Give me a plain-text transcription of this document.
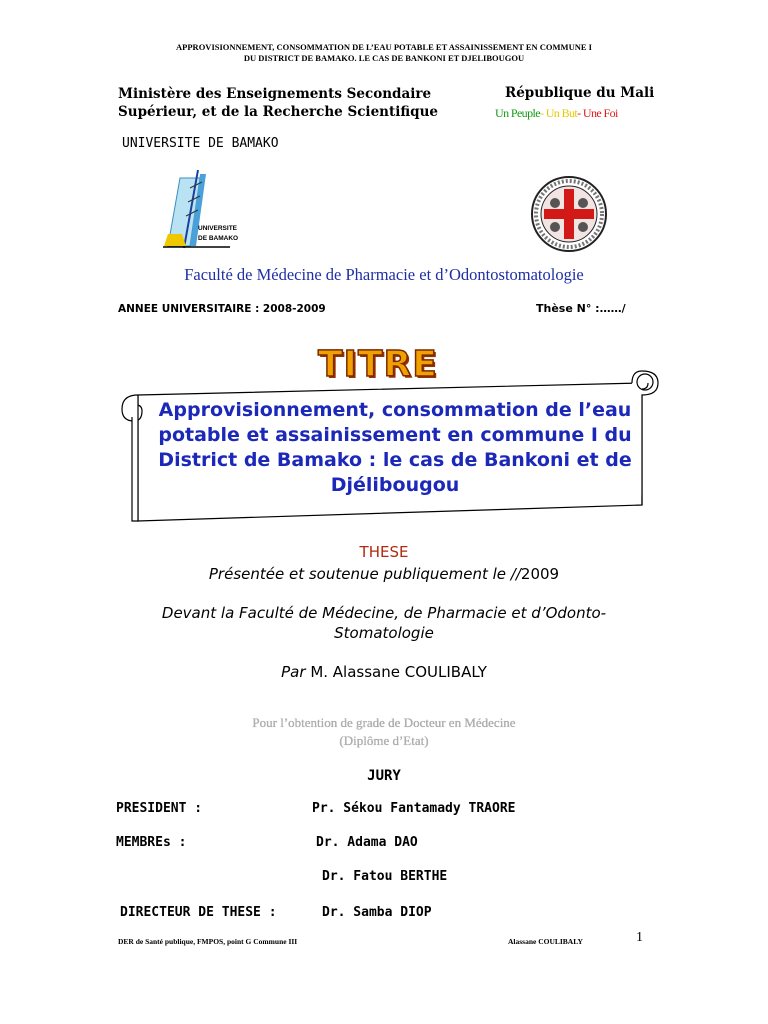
APPROVISIONNEMENT, CONSOMMATION DE L’EAU POTABLE ET ASSAINISSEMENT EN COMMUNE I
DU DISTRICT DE BAMAKO. LE CAS DE BANKONI ET DJELIBOUGOU
Ministère des Enseignements Secondaire
Supérieur, et de la Recherche Scientifique
République du Mali
Un Peuple- Un But- Une Foi
UNIVERSITE DE BAMAKO
UNIVERSITE
DE BAMAKO
Faculté de Médecine de Pharmacie et d’Odontostomatologie
ANNEE UNIVERSITAIRE : 2008-2009	Thèse N° :……/
TITRE
Approvisionnement, consommation de l’eau
potable et assainissement en commune I du
District de Bamako : le cas de Bankoni et de
Djélibougou
THESE
Présentée et soutenue publiquement le //2009
Devant la Faculté de Médecine, de Pharmacie et d’Odonto-
Stomatologie
Par M. Alassane COULIBALY
Pour l’obtention de grade de Docteur en Médecine
(Diplôme d’Etat)
JURY
PRESIDENT :	Pr. Sékou Fantamady TRAORE
MEMBREs :	Dr. Adama DAO
Dr. Fatou BERTHE
DIRECTEUR DE THESE :	Dr. Samba DIOP
DER de Santé publique, FMPOS, point G Commune III	Alassane COULIBALY	1
